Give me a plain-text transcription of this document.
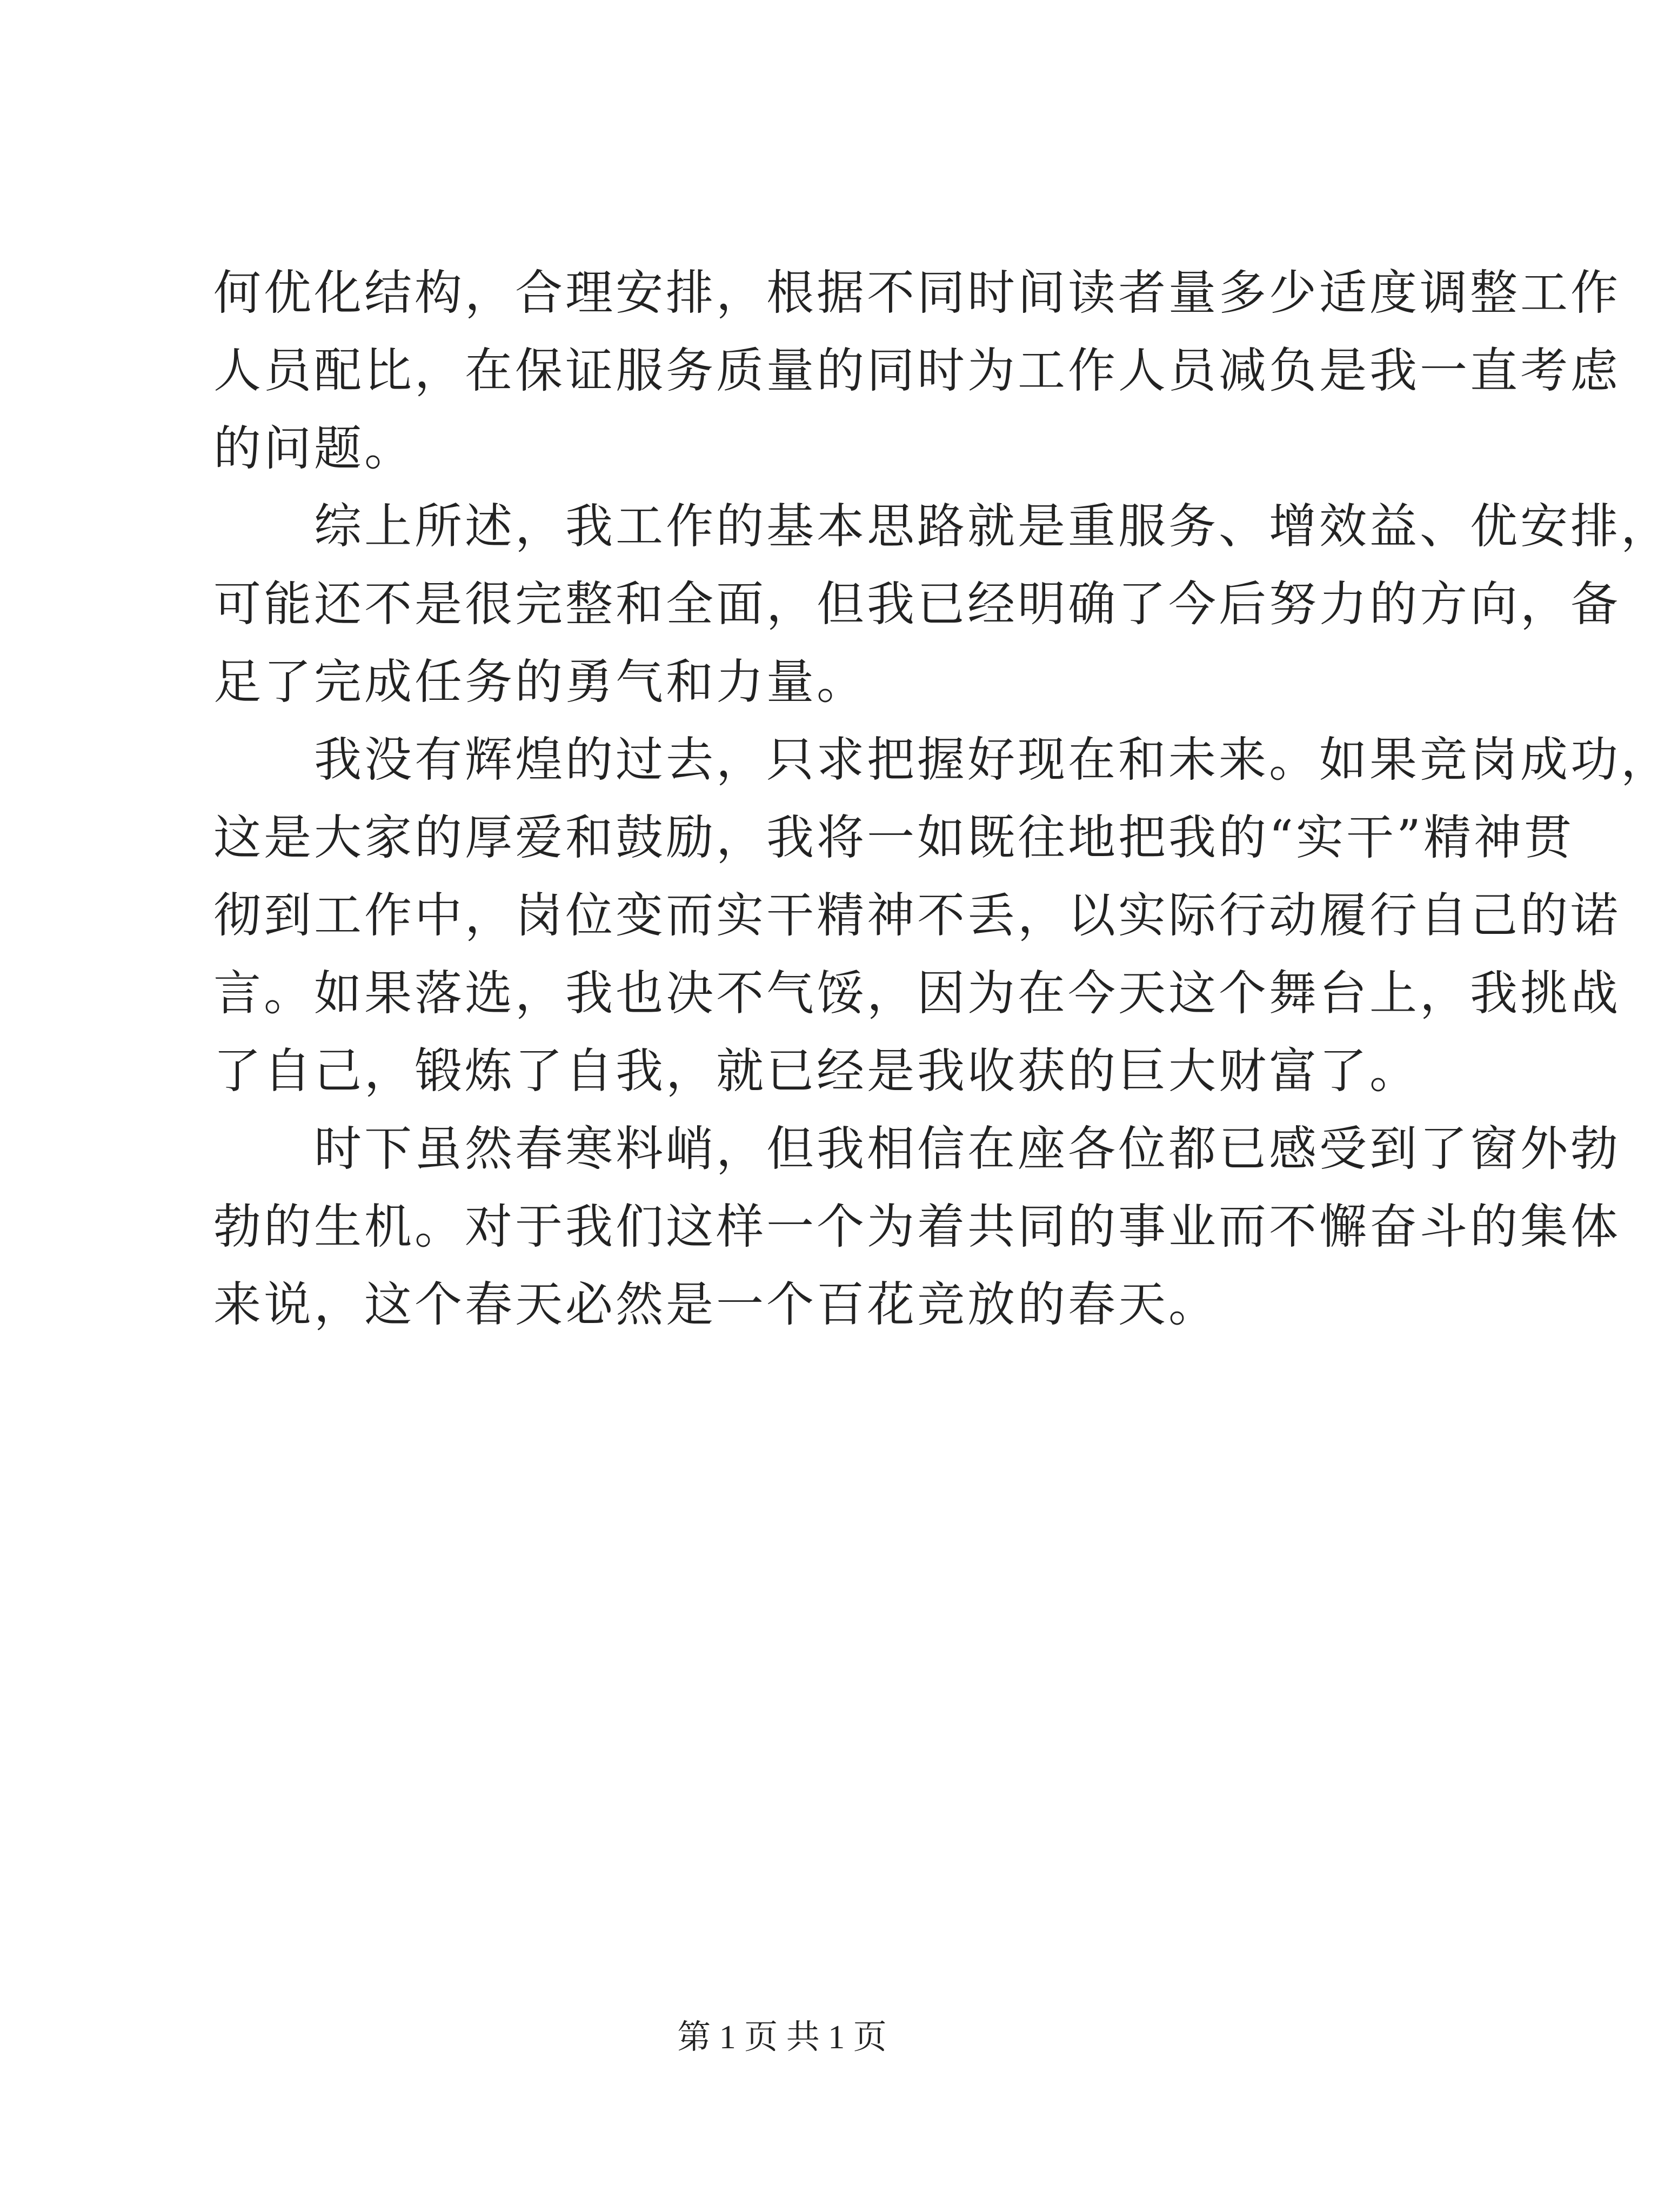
何优化结构，合理安排，根据不同时间读者量多少适度调整工作
人员配比，在保证服务质量的同时为工作人员减负是我一直考虑
的问题。
　　综上所述，我工作的基本思路就是重服务、增效益、优安排，
可能还不是很完整和全面，但我已经明确了今后努力的方向，备
足了完成任务的勇气和力量。
　　我没有辉煌的过去，只求把握好现在和未来。如果竞岗成功，
这是大家的厚爱和鼓励，我将一如既往地把我的“实干”精神贯
彻到工作中，岗位变而实干精神不丢，以实际行动履行自己的诺
言。如果落选，我也决不气馁，因为在今天这个舞台上，我挑战
了自己，锻炼了自我，就已经是我收获的巨大财富了。
　　时下虽然春寒料峭，但我相信在座各位都已感受到了窗外勃
勃的生机。对于我们这样一个为着共同的事业而不懈奋斗的集体
来说，这个春天必然是一个百花竞放的春天。
第 1 页 共 1 页
